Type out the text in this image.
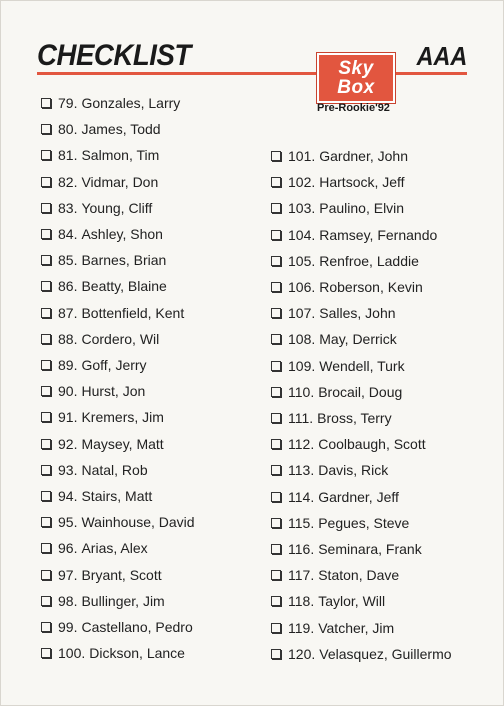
CHECKLIST	AAA
Sky
Box
Pre-Rookie'92
79. Gonzales, Larry
80. James, Todd
81. Salmon, Tim
82. Vidmar, Don
83. Young, Cliff
84. Ashley, Shon
85. Barnes, Brian
86. Beatty, Blaine
87. Bottenfield, Kent
88. Cordero, Wil
89. Goff, Jerry
90. Hurst, Jon
91. Kremers, Jim
92. Maysey, Matt
93. Natal, Rob
94. Stairs, Matt
95. Wainhouse, David
96. Arias, Alex
97. Bryant, Scott
98. Bullinger, Jim
99. Castellano, Pedro
100. Dickson, Lance
101. Gardner, John
102. Hartsock, Jeff
103. Paulino, Elvin
104. Ramsey, Fernando
105. Renfroe, Laddie
106. Roberson, Kevin
107. Salles, John
108. May, Derrick
109. Wendell, Turk
110. Brocail, Doug
111. Bross, Terry
112. Coolbaugh, Scott
113. Davis, Rick
114. Gardner, Jeff
115. Pegues, Steve
116. Seminara, Frank
117. Staton, Dave
118. Taylor, Will
119. Vatcher, Jim
120. Velasquez, Guillermo
